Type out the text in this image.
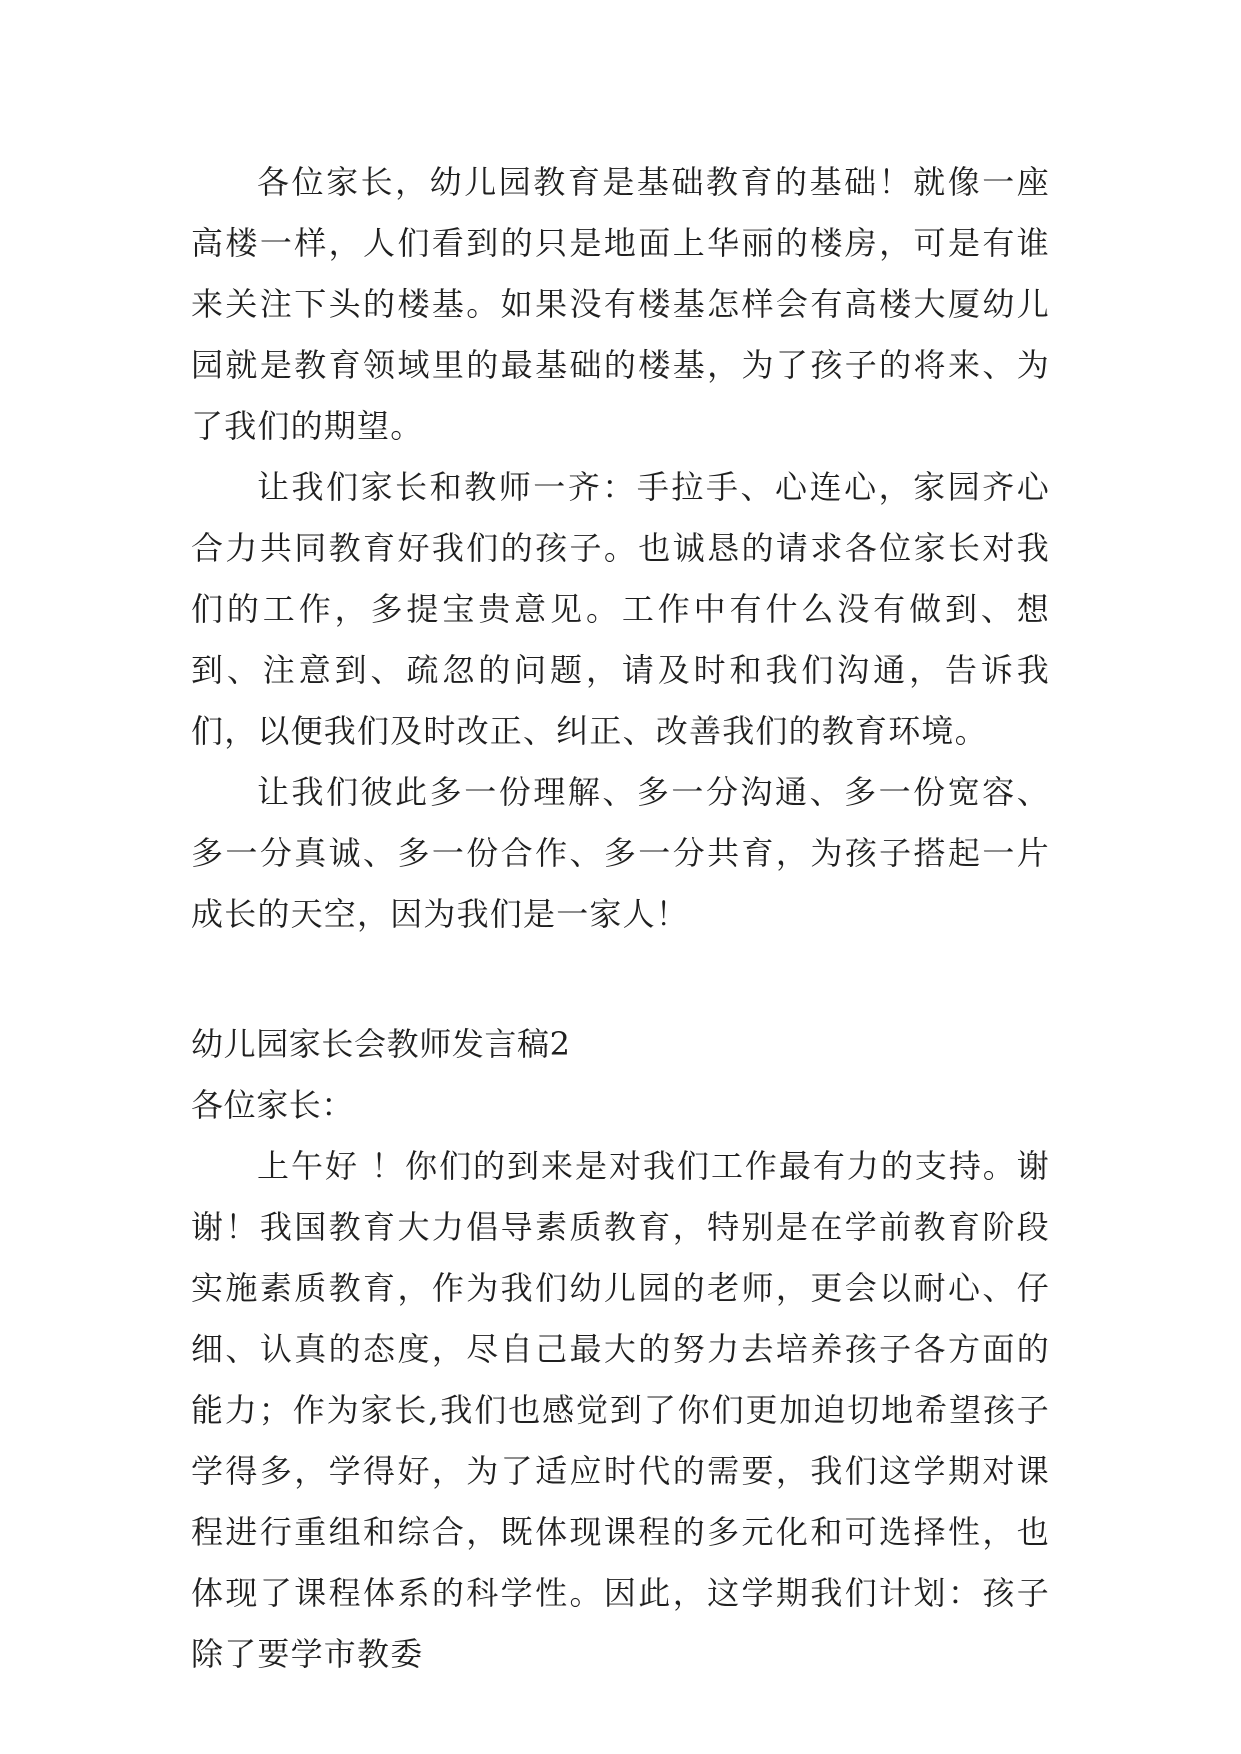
各位家长，幼儿园教育是基础教育的基础！就像一座高楼一样，人们看到的只是地面上华丽的楼房，可是有谁来关注下头的楼基。如果没有楼基怎样会有高楼大厦幼儿园就是教育领域里的最基础的楼基，为了孩子的将来、为了我们的期望。

让我们家长和教师一齐：手拉手、心连心，家园齐心合力共同教育好我们的孩子。也诚恳的请求各位家长对我们的工作，多提宝贵意见。工作中有什么没有做到、想到、注意到、疏忽的问题，请及时和我们沟通，告诉我们，以便我们及时改正、纠正、改善我们的教育环境。

让我们彼此多一份理解、多一分沟通、多一份宽容、多一分真诚、多一份合作、多一分共育，为孩子搭起一片成长的天空，因为我们是一家人！

幼儿园家长会教师发言稿2

各位家长：

上午好 ！你们的到来是对我们工作最有力的支持。谢谢！我国教育大力倡导素质教育，特别是在学前教育阶段实施素质教育，作为我们幼儿园的老师，更会以耐心、仔细、认真的态度，尽自己最大的努力去培养孩子各方面的能力；作为家长,我们也感觉到了你们更加迫切地希望孩子学得多，学得好，为了适应时代的需要，我们这学期对课程进行重组和综合，既体现课程的多元化和可选择性，也体现了课程体系的科学性。因此，这学期我们计划：孩子除了要学市教委
